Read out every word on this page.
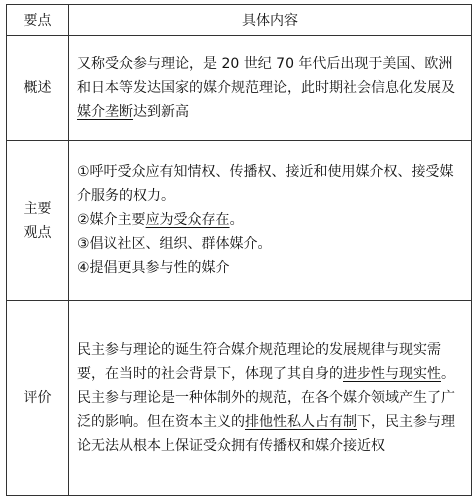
要点	具体内容
概述	又称受众参与理论，是 20 世纪 70 年代后出现于美国、欧洲和日本等发达国家的媒介规范理论，此时期社会信息化发展及媒介垄断达到新高

主要
观点	①呼吁受众应有知情权、传播权、接近和使用媒介权、接受媒介服务的权力。
②媒介主要应为受众存在。
③倡议社区、组织、群体媒介。
④提倡更具参与性的媒介

评价	民主参与理论的诞生符合媒介规范理论的发展规律与现实需要，在当时的社会背景下，体现了其自身的进步性与现实性。民主参与理论是一种体制外的规范，在各个媒介领域产生了广泛的影响。但在资本主义的排他性私人占有制下，民主参与理论无法从根本上保证受众拥有传播权和媒介接近权
